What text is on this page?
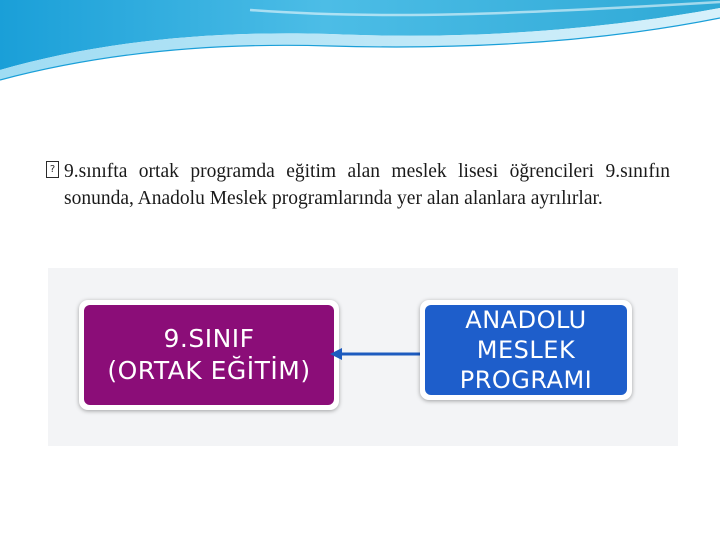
? 9.sınıfta ortak programda eğitim alan meslek lisesi öğrencileri 9.sınıfın sonunda, Anadolu Meslek programlarında yer alan alanlara ayrılırlar.
9.SINIF
(ORTAK EĞİTİM)
ANADOLU
MESLEK
PROGRAMI
